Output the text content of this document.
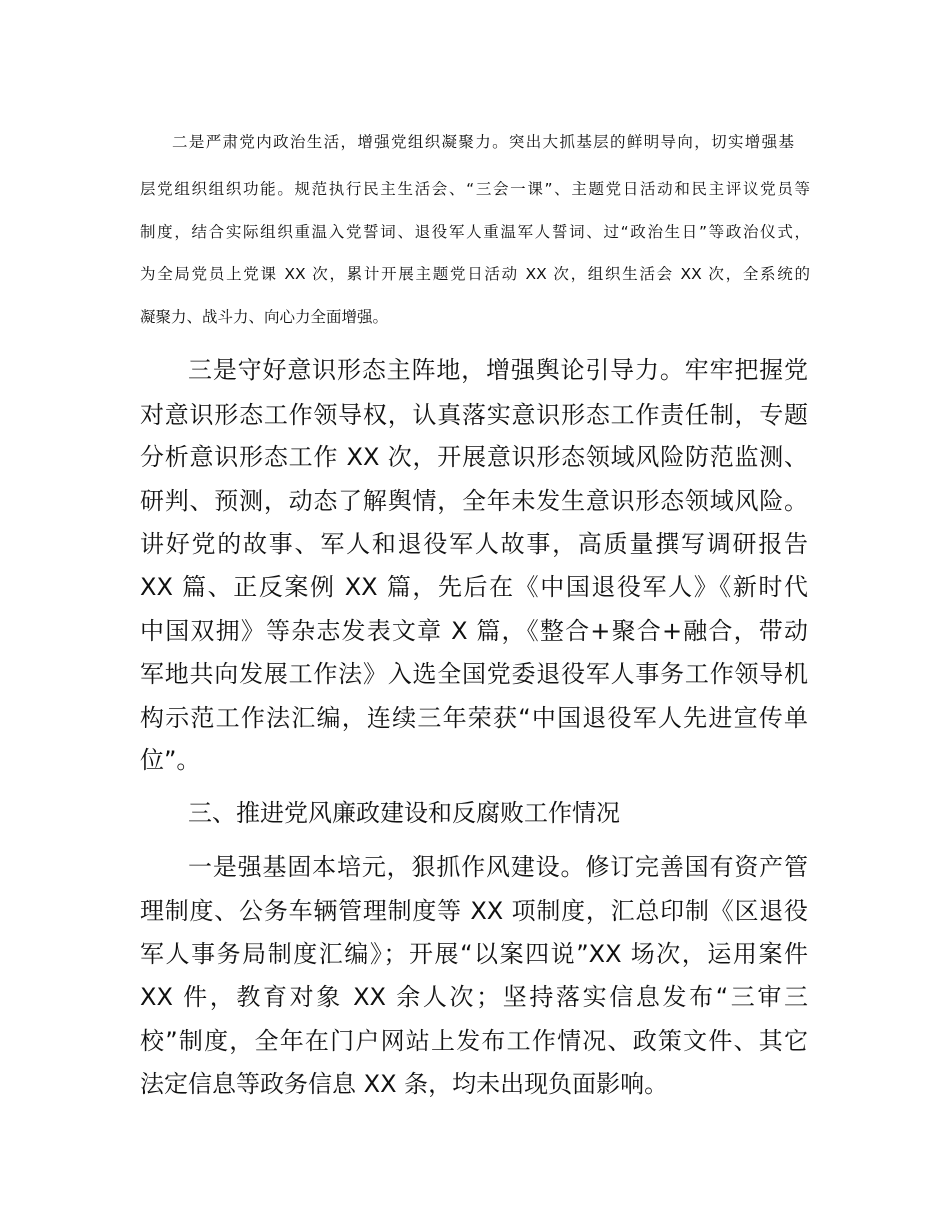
二是严肃党内政治生活，增强党组织凝聚力。突出大抓基层的鲜明导向，切实增强基

层党组织组织功能。规范执行民主生活会、“三会一课”、主题党日活动和民主评议党员等

制度，结合实际组织重温入党誓词、退役军人重温军人誓词、过“政治生日”等政治仪式，

为全局党员上党课 XX 次，累计开展主题党日活动 XX 次，组织生活会 XX 次，全系统的

凝聚力、战斗力、向心力全面增强。

三是守好意识形态主阵地，增强舆论引导力。牢牢把握党

对意识形态工作领导权，认真落实意识形态工作责任制，专题

分析意识形态工作 XX 次，开展意识形态领域风险防范监测、

研判、预测，动态了解舆情，全年未发生意识形态领域风险。

讲好党的故事、军人和退役军人故事，高质量撰写调研报告

XX 篇、正反案例 XX 篇，先后在《中国退役军人》《新时代

中国双拥》等杂志发表文章 X 篇，《整合+聚合+融合，带动

军地共向发展工作法》入选全国党委退役军人事务工作领导机

构示范工作法汇编，连续三年荣获“中国退役军人先进宣传单

位”。

三、推进党风廉政建设和反腐败工作情况

一是强基固本培元，狠抓作风建设。修订完善国有资产管

理制度、公务车辆管理制度等 XX 项制度，汇总印制《区退役

军人事务局制度汇编》；开展“以案四说”XX 场次，运用案件

XX 件，教育对象 XX 余人次；坚持落实信息发布“三审三

校”制度，全年在门户网站上发布工作情况、政策文件、其它

法定信息等政务信息 XX 条，均未出现负面影响。
